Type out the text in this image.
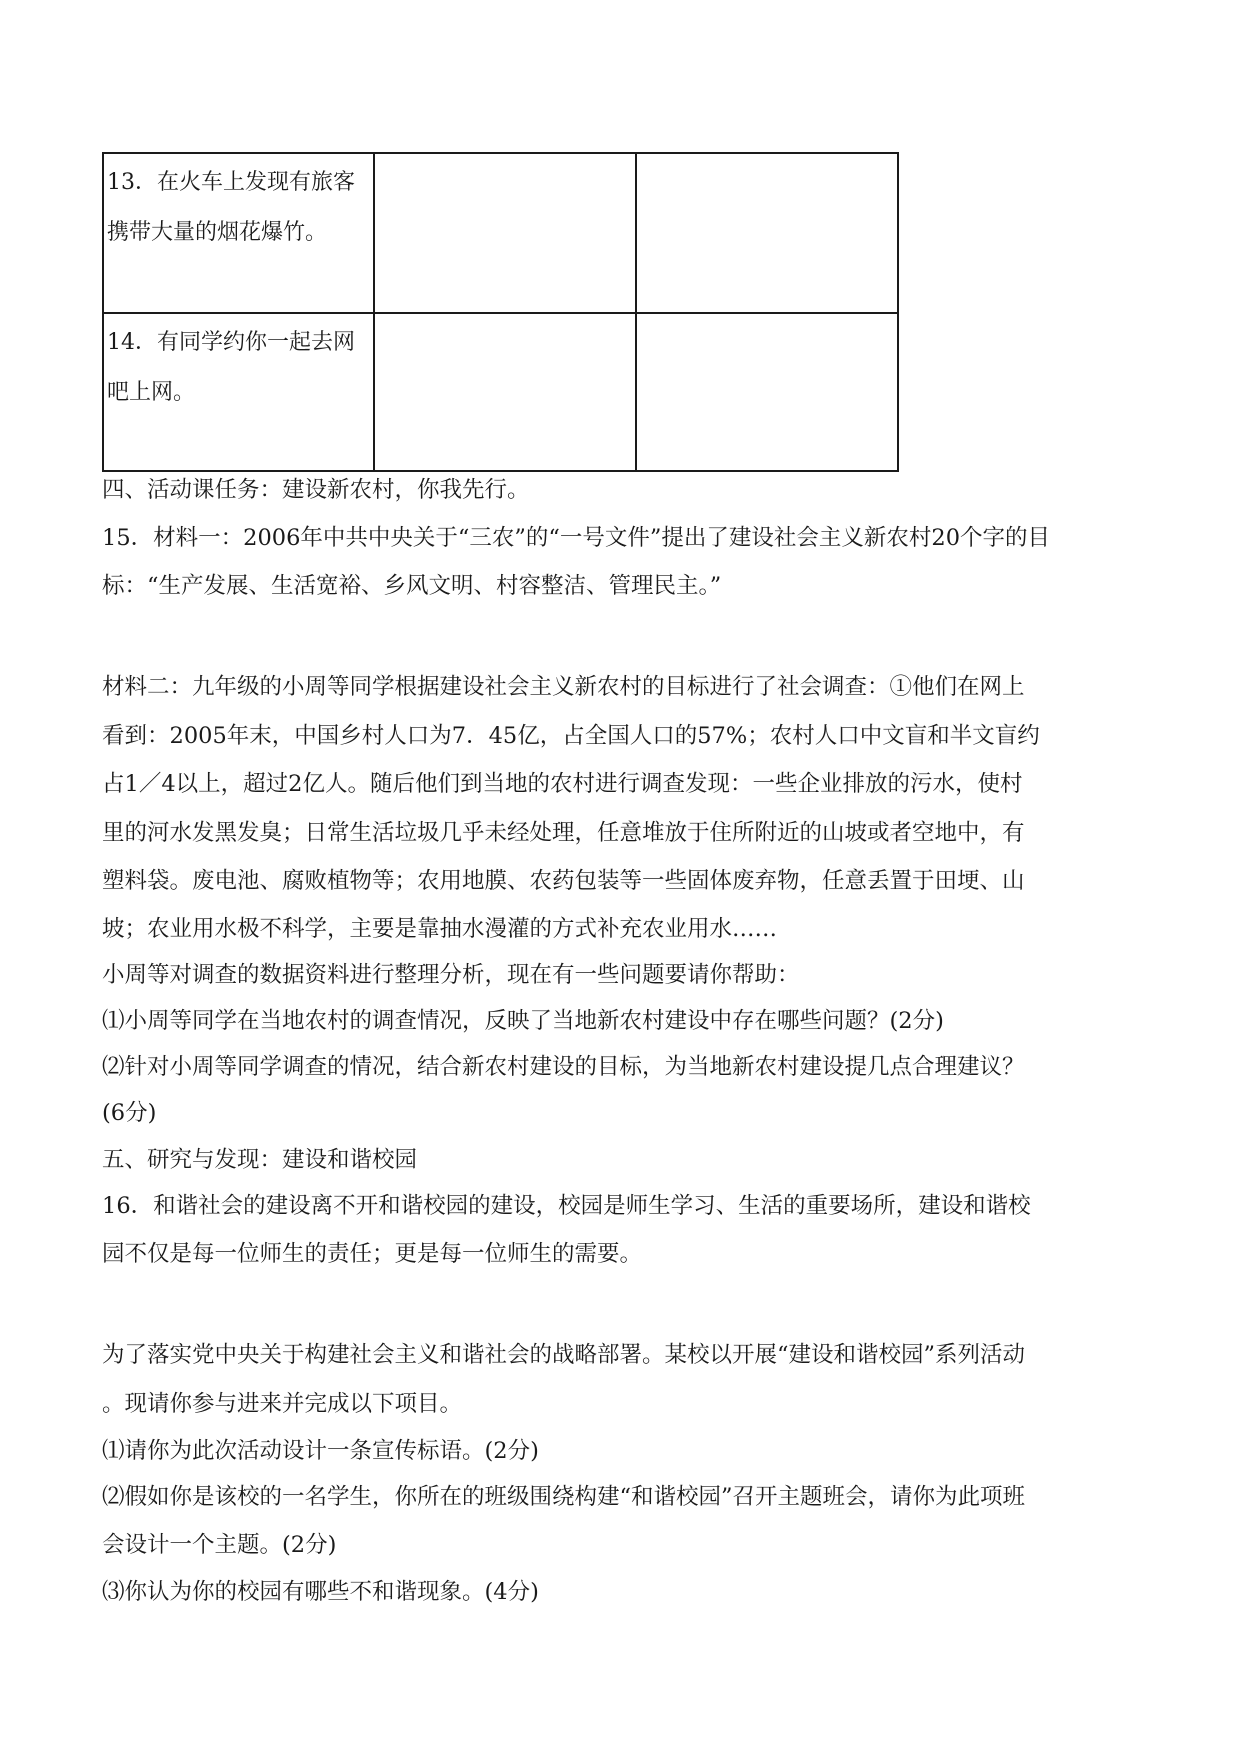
13．在火车上发现有旅客携带大量的烟花爆竹。		
14．有同学约你一起去网吧上网。		
四、活动课任务：建设新农村，你我先行。
15．材料一：2006年中共中央关于“三农”的“一号文件”提出了建设社会主义新农村20个字的目
标：“生产发展、生活宽裕、乡风文明、村容整洁、管理民主。”
材料二：九年级的小周等同学根据建设社会主义新农村的目标进行了社会调查：①他们在网上
看到：2005年末，中国乡村人口为7．45亿，占全国人口的57%；农村人口中文盲和半文盲约
占1／4以上，超过2亿人。随后他们到当地的农村进行调查发现：一些企业排放的污水，使村
里的河水发黑发臭；日常生活垃圾几乎未经处理，任意堆放于住所附近的山坡或者空地中，有
塑料袋。废电池、腐败植物等；农用地膜、农药包装等一些固体废弃物，任意丢置于田埂、山
坡；农业用水极不科学，主要是靠抽水漫灌的方式补充农业用水……
小周等对调查的数据资料进行整理分析，现在有一些问题要请你帮助：
⑴小周等同学在当地农村的调查情况，反映了当地新农村建设中存在哪些问题？(2分)
⑵针对小周等同学调查的情况，结合新农村建设的目标，为当地新农村建设提几点合理建议？
(6分)
五、研究与发现：建设和谐校园
16．和谐社会的建设离不开和谐校园的建设，校园是师生学习、生活的重要场所，建设和谐校
园不仅是每一位师生的责任；更是每一位师生的需要。
为了落实党中央关于构建社会主义和谐社会的战略部署。某校以开展“建设和谐校园”系列活动
。现请你参与进来并完成以下项目。
⑴请你为此次活动设计一条宣传标语。(2分)
⑵假如你是该校的一名学生，你所在的班级围绕构建“和谐校园”召开主题班会，请你为此项班
会设计一个主题。(2分)
⑶你认为你的校园有哪些不和谐现象。(4分)
